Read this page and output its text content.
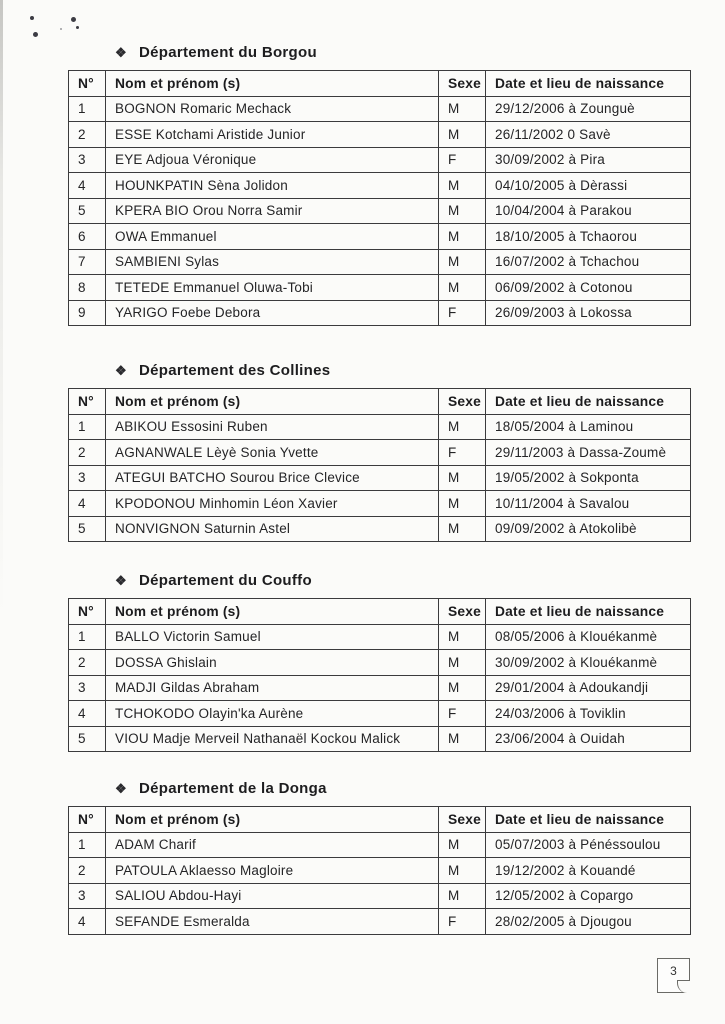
❖ Département du Borgou
N°	Nom et prénom (s)	Sexe	Date et lieu de naissance
1	BOGNON Romaric Mechack	M	29/12/2006 à Zounguè
2	ESSE Kotchami Aristide Junior	M	26/11/2002 0 Savè
3	EYE Adjoua Véronique	F	30/09/2002 à Pira
4	HOUNKPATIN Sèna Jolidon	M	04/10/2005 à Dèrassi
5	KPERA BIO Orou Norra Samir	M	10/04/2004 à Parakou
6	OWA Emmanuel	M	18/10/2005 à Tchaorou
7	SAMBIENI Sylas	M	16/07/2002 à Tchachou
8	TETEDE Emmanuel Oluwa-Tobi	M	06/09/2002 à Cotonou
9	YARIGO Foebe Debora	F	26/09/2003 à Lokossa
❖ Département des Collines
N°	Nom et prénom (s)	Sexe	Date et lieu de naissance
1	ABIKOU Essosini Ruben	M	18/05/2004 à Laminou
2	AGNANWALE Lèyè Sonia Yvette	F	29/11/2003 à Dassa-Zoumè
3	ATEGUI BATCHO Sourou Brice Clevice	M	19/05/2002 à Sokponta
4	KPODONOU Minhomin Léon Xavier	M	10/11/2004 à Savalou
5	NONVIGNON Saturnin Astel	M	09/09/2002 à Atokolibè
❖ Département du Couffo
N°	Nom et prénom (s)	Sexe	Date et lieu de naissance
1	BALLO Victorin Samuel	M	08/05/2006 à Klouékanmè
2	DOSSA Ghislain	M	30/09/2002 à Klouékanmè
3	MADJI Gildas Abraham	M	29/01/2004 à Adoukandji
4	TCHOKODO Olayin'ka Aurène	F	24/03/2006 à Toviklin
5	VIOU Madje Merveil Nathanaël Kockou Malick	M	23/06/2004 à Ouidah
❖ Département de la Donga
N°	Nom et prénom (s)	Sexe	Date et lieu de naissance
1	ADAM Charif	M	05/07/2003 à Pénéssoulou
2	PATOULA Aklaesso Magloire	M	19/12/2002 à Kouandé
3	SALIOU Abdou-Hayi	M	12/05/2002 à Copargo
4	SEFANDE Esmeralda	F	28/02/2005 à Djougou
3
